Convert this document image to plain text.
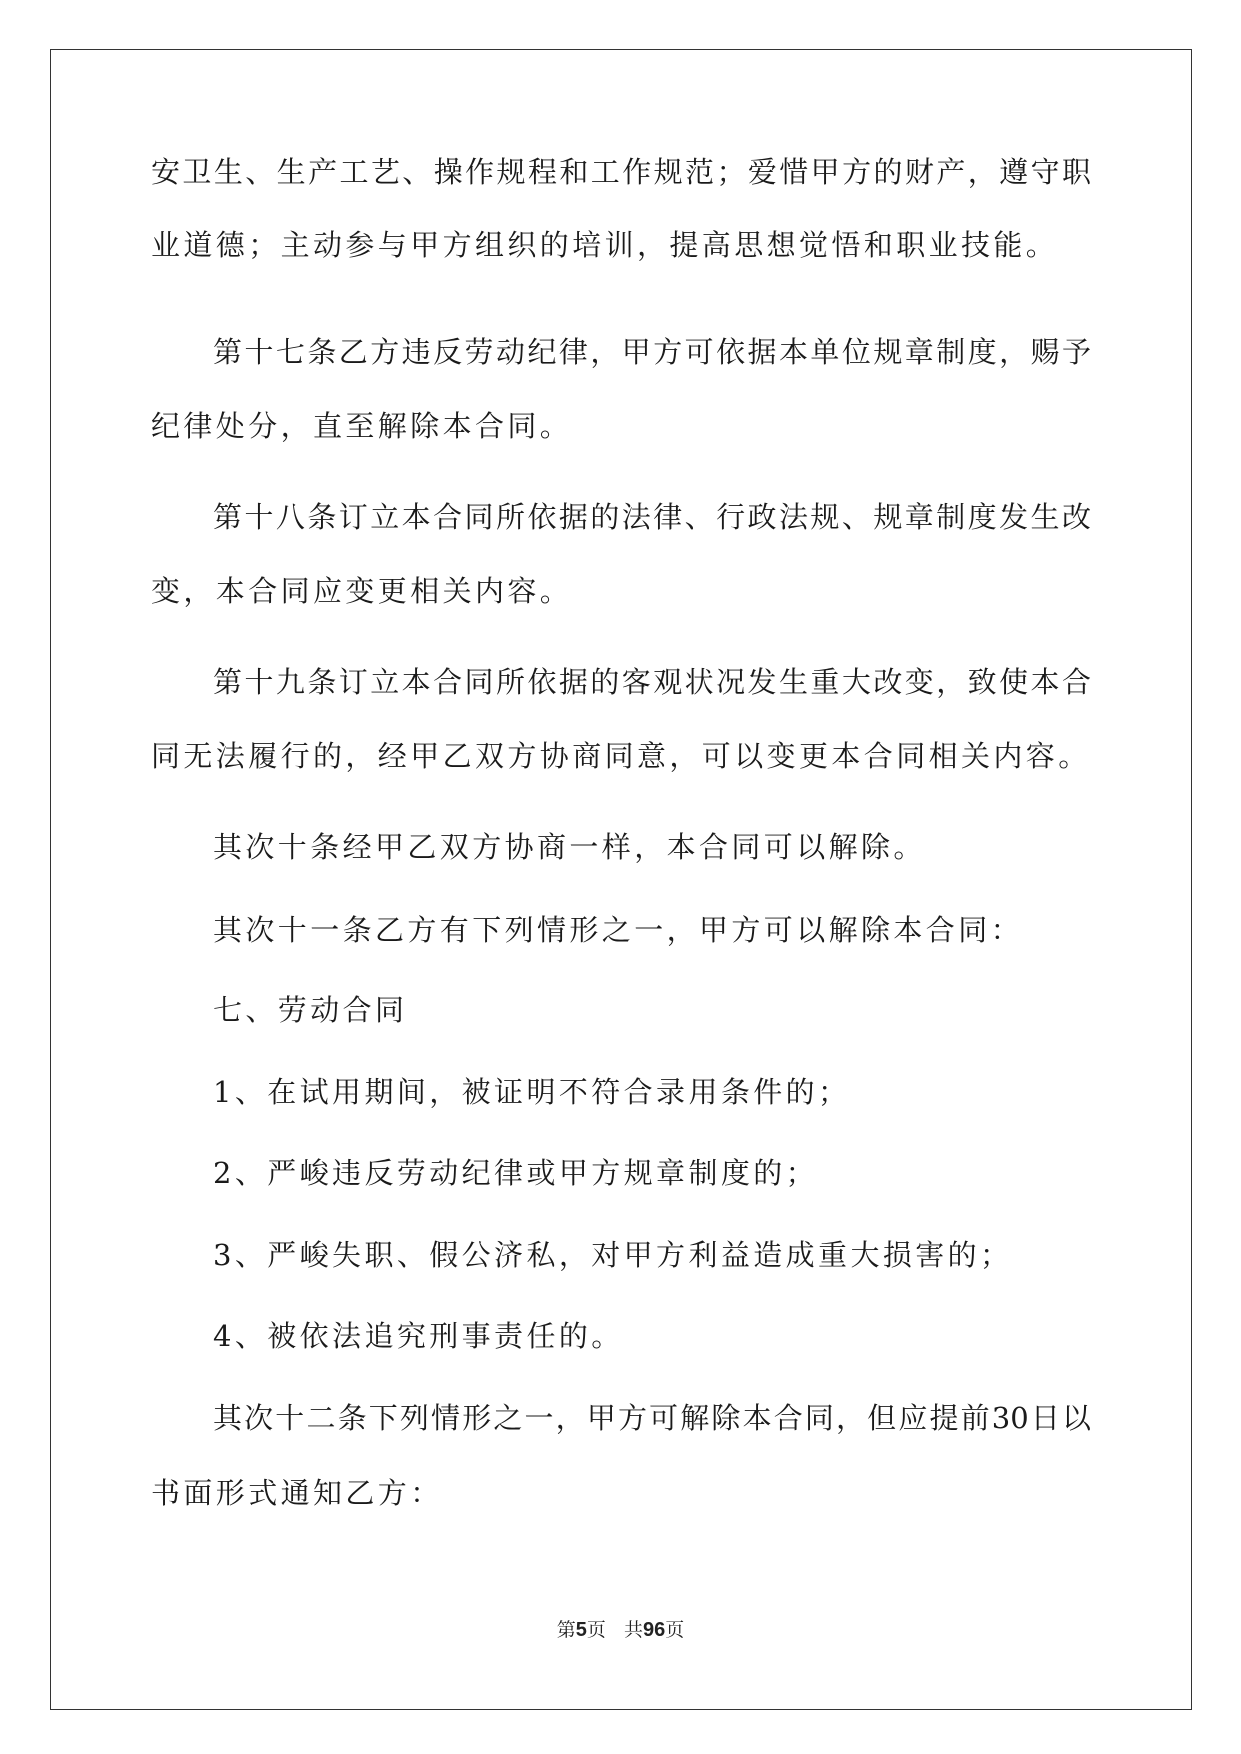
安卫生、生产工艺、操作规程和工作规范；爱惜甲方的财产，遵守职
业道德；主动参与甲方组织的培训，提高思想觉悟和职业技能。
第十七条乙方违反劳动纪律，甲方可依据本单位规章制度，赐予
纪律处分，直至解除本合同。
第十八条订立本合同所依据的法律、行政法规、规章制度发生改
变，本合同应变更相关内容。
第十九条订立本合同所依据的客观状况发生重大改变，致使本合
同无法履行的，经甲乙双方协商同意，可以变更本合同相关内容。
其次十条经甲乙双方协商一样，本合同可以解除。
其次十一条乙方有下列情形之一，甲方可以解除本合同：
七、劳动合同
1、在试用期间，被证明不符合录用条件的；
2、严峻违反劳动纪律或甲方规章制度的；
3、严峻失职、假公济私，对甲方利益造成重大损害的；
4、被依法追究刑事责任的。
其次十二条下列情形之一，甲方可解除本合同，但应提前30日以
书面形式通知乙方：
第5页 共96页
